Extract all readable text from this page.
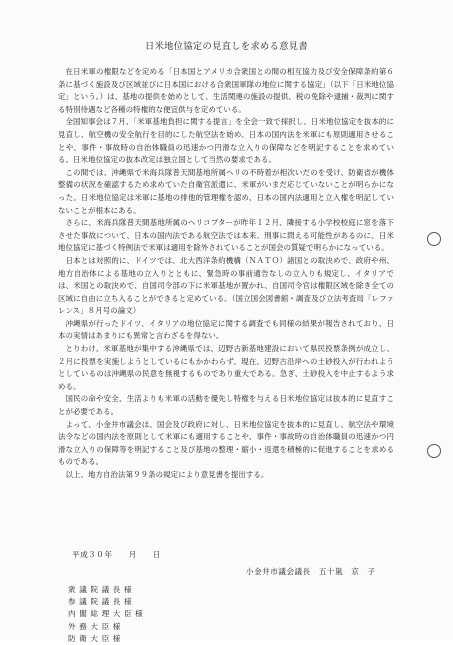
日米地位協定の見直しを求める意見書

在日米軍の権限などを定める「日本国とアメリカ合衆国との間の相互協力及び安全保障条約第６条に基づく施設及び区域並びに日本国における合衆国軍隊の地位に関する協定」（以下「日米地位協定」という。）は、基地の提供を始めとして、生活関連の施設の提供、税の免除や逮捕・裁判に関する特別待遇など各種の特権的な便宜供与を定めている。

全国知事会は７月、「米軍基地負担に関する提言」を全会一致で採択し、日米地位協定を抜本的に見直し、航空機の安全航行を目的にした航空法を始め、日本の国内法を米軍にも原則適用させることや、事件・事故時の自治体職員の迅速かつ円滑な立入りの保障などを明記することを求めている。日米地位協定の抜本改定は独立国として当然の要求である。

この間では、沖縄県で米海兵隊普天間基地所属ヘリの不時着が相次いだのを受け、防衛省が機体整備の状況を確認するため求めていた自衛官派遣に、米軍がいまだ応じていないことが明らかになった。日米地位協定は米軍に基地の排他的管理権を認め、日本の国内法適用と立入権を明記していないことが根本にある。

さらに、米海兵隊普天間基地所属のヘリコプターが昨年１２月、隣接する小学校校庭に窓を落下させた事故について、日本の国内法である航空法では本来、刑事に問える可能性があるのに、日米地位協定に基づく特例法で米軍は適用を除外されていることが国会の質疑で明らかになっている。

日本とは対照的に、ドイツでは、北大西洋条約機構（ＮＡＴＯ）諸国との取決めで、政府や州、地方自治体による基地の立入りとともに、緊急時の事前通告なしの立入りも規定し、イタリアでは、米国との取決めで、自国司令部の下に米軍基地が置かれ、自国司令官は権限区域を除き全ての区域に自由に立ち入ることができると定めている。（国立国会図書館・調査及び立法考査局「レファレンス」８月号の論文）

沖縄県が行ったドイツ、イタリアの地位協定に関する調査でも同様の結果が報告されており、日本の実情はあまりにも異常と言わざるを得ない。

とりわけ、米軍基地が集中する沖縄県では、辺野古新基地建設において県民投票条例が成立し、２月に投票を実施しようとしているにもかかわらず、現在、辺野古沿岸への土砂投入が行われようとしているのは沖縄県の民意を無視するものであり重大である。急ぎ、土砂投入を中止するよう求める。

国民の命や安全、生活よりも米軍の活動を優先し特権を与える日米地位協定は抜本的に見直すことが必要である。

よって、小金井市議会は、国会及び政府に対し、日米地位協定を抜本的に見直し、航空法や環境法令などの国内法を原則として米軍にも適用することや、事件・事故時の自治体職員の迅速かつ円滑な立入りの保障等を明記すること及び基地の整理・縮小・返還を積極的に促進することを求めるものである。

以上、地方自治法第９９条の規定により意見書を提出する。

平成３０年　　月　　日
小金井市議会議長　五十嵐　京　子
衆議院議長様
参議院議長様
内閣総理大臣様
外務大臣様
防衛大臣様
